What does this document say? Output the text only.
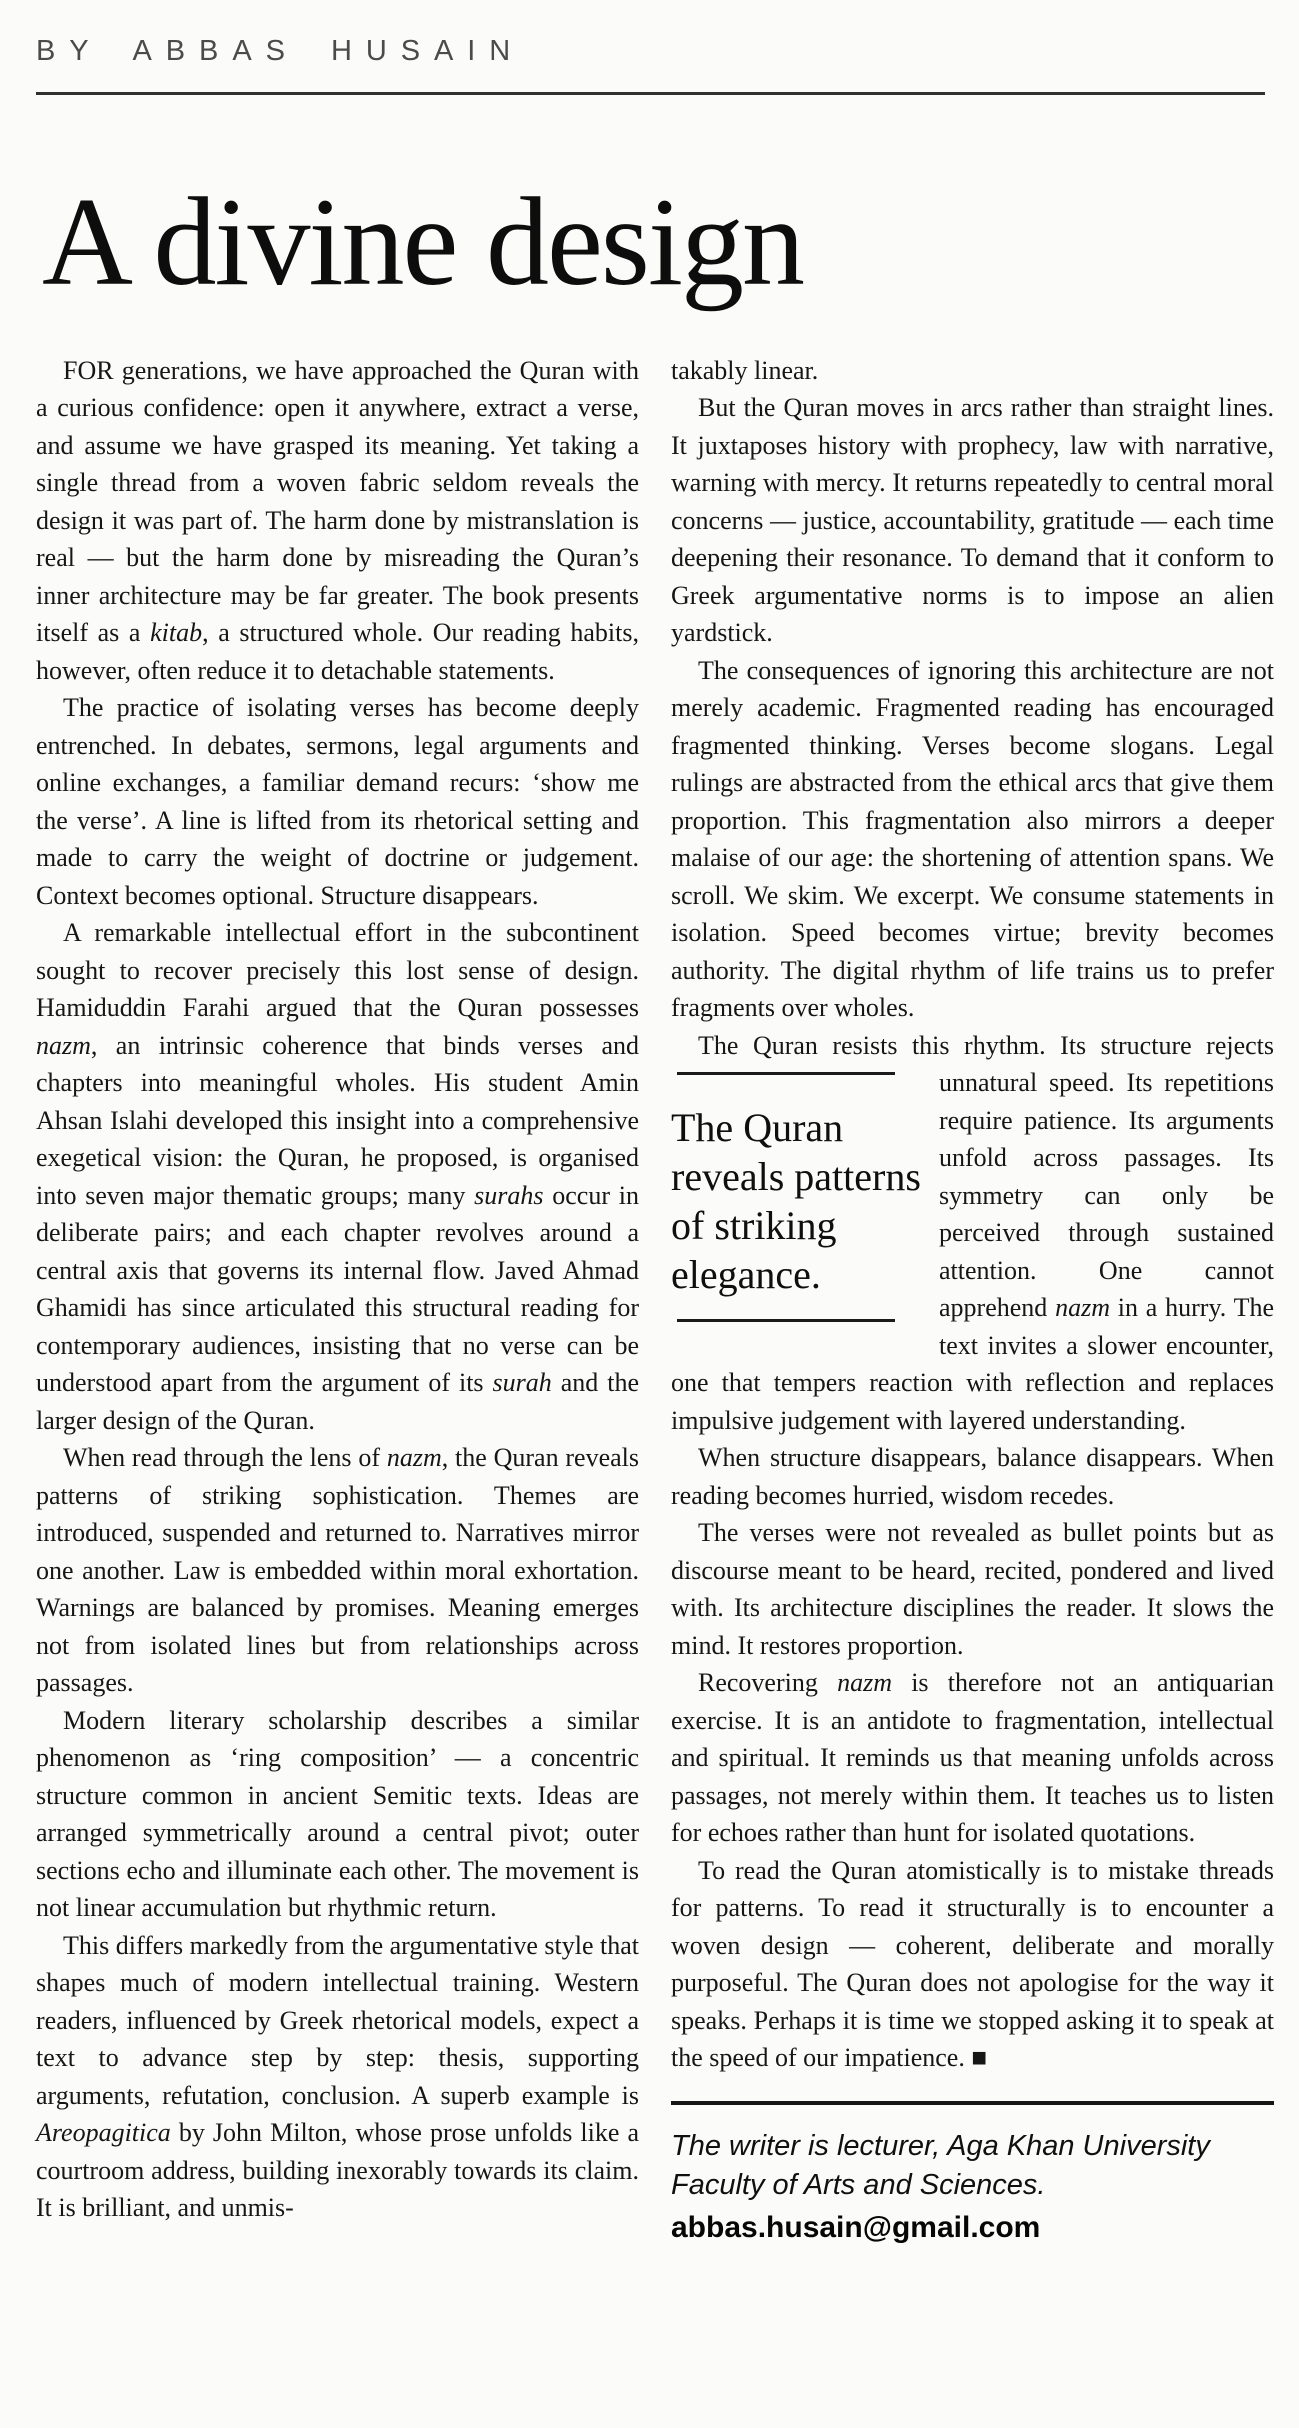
BY ABBAS HUSAIN
A divine design

FOR generations, we have approached the Quran with a curious confidence: open it anywhere, extract a verse, and assume we have grasped its meaning. Yet taking a single thread from a woven fabric seldom reveals the design it was part of. The harm done by mistranslation is real — but the harm done by misreading the Quran’s inner architecture may be far greater. The book presents itself as a kitab, a structured whole. Our reading habits, however, often reduce it to detachable statements.

The practice of isolating verses has become deeply entrenched. In debates, sermons, legal arguments and online exchanges, a familiar demand recurs: ‘show me the verse’. A line is lifted from its rhetorical setting and made to carry the weight of doctrine or judgement. Context becomes optional. Structure disappears.

A remarkable intellectual effort in the subcontinent sought to recover precisely this lost sense of design. Hamiduddin Farahi argued that the Quran possesses nazm, an intrinsic coherence that binds verses and chapters into meaningful wholes. His student Amin Ahsan Islahi developed this insight into a comprehensive exegetical vision: the Quran, he proposed, is organised into seven major thematic groups; many surahs occur in deliberate pairs; and each chapter revolves around a central axis that governs its internal flow. Javed Ahmad Ghamidi has since articulated this structural reading for contemporary audiences, insisting that no verse can be understood apart from the argument of its surah and the larger design of the Quran.

When read through the lens of nazm, the Quran reveals patterns of striking sophistication. Themes are introduced, suspended and returned to. Narratives mirror one another. Law is embedded within moral exhortation. Warnings are balanced by promises. Meaning emerges not from isolated lines but from relationships across passages.

Modern literary scholarship describes a similar phenomenon as ‘ring composition’ — a concentric structure common in ancient Semitic texts. Ideas are arranged symmetrically around a central pivot; outer sections echo and illuminate each other. The movement is not linear accumulation but rhythmic return.

This differs markedly from the argumentative style that shapes much of modern intellectual training. Western readers, influenced by Greek rhetorical models, expect a text to advance step by step: thesis, supporting arguments, refutation, conclusion. A superb example is Areopagitica by John Milton, whose prose unfolds like a courtroom address, building inexorably towards its claim. It is brilliant, and unmis-

takably linear.

But the Quran moves in arcs rather than straight lines. It juxtaposes history with prophecy, law with narrative, warning with mercy. It returns repeatedly to central moral concerns — justice, accountability, gratitude — each time deepening their resonance. To demand that it conform to Greek argumentative norms is to impose an alien yardstick.

The consequences of ignoring this architecture are not merely academic. Fragmented reading has encouraged fragmented thinking. Verses become slogans. Legal rulings are abstracted from the ethical arcs that give them proportion. This fragmentation also mirrors a deeper malaise of our age: the shortening of attention spans. We scroll. We skim. We excerpt. We consume statements in isolation. Speed becomes virtue; brevity becomes authority. The digital rhythm of life trains us to prefer fragments over wholes.

The Quran resists this rhythm. Its structure rejects unnatural speed. Its repetitions
The Quran reveals patterns of striking elegance.
require patience. Its arguments unfold across passages. Its symmetry can only be perceived through sustained attention. One cannot apprehend nazm in a hurry. The text invites a slower encounter, one that tempers reaction with reflection and replaces impulsive judgement with layered understanding.

When structure disappears, balance disappears. When reading becomes hurried, wisdom recedes.

The verses were not revealed as bullet points but as discourse meant to be heard, recited, pondered and lived with. Its architecture disciplines the reader. It slows the mind. It restores proportion.

Recovering nazm is therefore not an antiquarian exercise. It is an antidote to fragmentation, intellectual and spiritual. It reminds us that meaning unfolds across passages, not merely within them. It teaches us to listen for echoes rather than hunt for isolated quotations.

To read the Quran atomistically is to mistake threads for patterns. To read it structurally is to encounter a woven design — coherent, deliberate and morally purposeful. The Quran does not apologise for the way it speaks. Perhaps it is time we stopped asking it to speak at the speed of our impatience. ■

The writer is lecturer, Aga Khan University Faculty of Arts and Sciences.

abbas.husain@gmail.com
